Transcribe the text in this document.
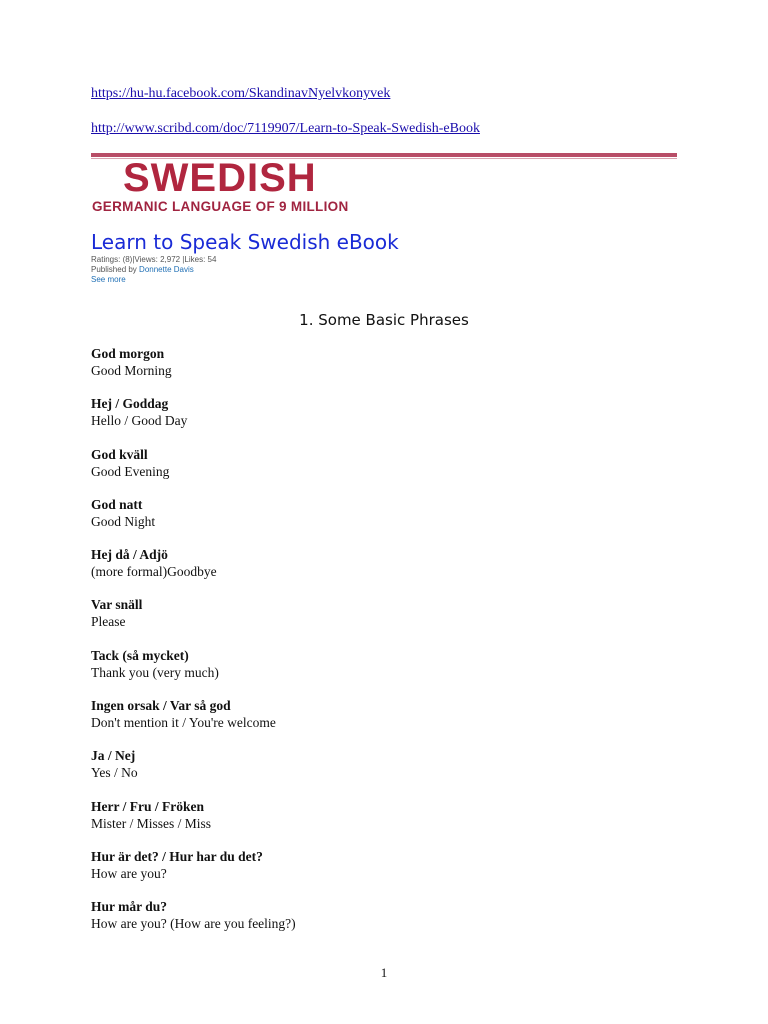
https://hu-hu.facebook.com/SkandinavNyelvkonyvek
http://www.scribd.com/doc/7119907/Learn-to-Speak-Swedish-eBook
SWEDISH
GERMANIC LANGUAGE OF 9 MILLION
Learn to Speak Swedish eBook
Ratings: (8)|Views: 2,972 |Likes: 54
Published by Donnette Davis
See more
1. Some Basic Phrases
God morgon
Good Morning
Hej / Goddag
Hello / Good Day
God kväll
Good Evening
God natt
Good Night
Hej då / Adjö
(more formal)Goodbye
Var snäll
Please
Tack (så mycket)
Thank you (very much)
Ingen orsak / Var så god
Don't mention it / You're welcome
Ja / Nej
Yes / No
Herr / Fru / Fröken
Mister / Misses / Miss
Hur är det? / Hur har du det?
How are you?
Hur mår du?
How are you? (How are you feeling?)
1
